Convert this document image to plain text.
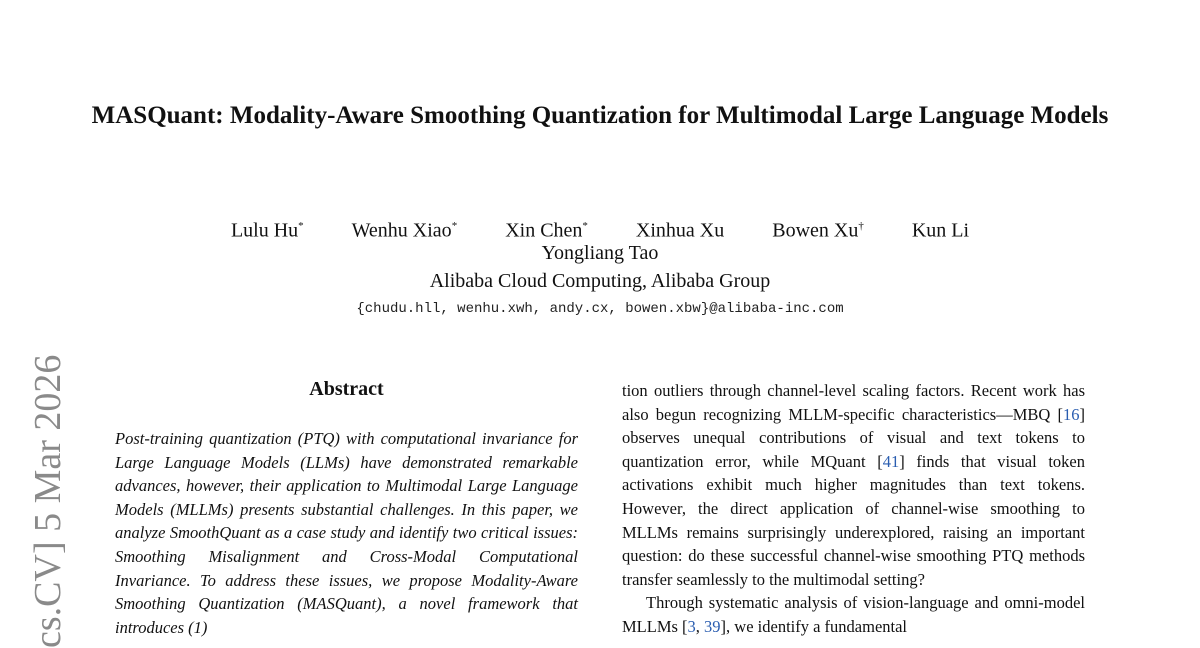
cs.CV] 5 Mar 2026
MASQuant: Modality-Aware Smoothing Quantization for Multimodal Large Language Models
Lulu Hu* Wenhu Xiao* Xin Chen* Xinhua Xu Bowen Xu† Kun Li
Yongliang Tao
Alibaba Cloud Computing, Alibaba Group
{chudu.hll, wenhu.xwh, andy.cx, bowen.xbw}@alibaba-inc.com
Abstract
Post-training quantization (PTQ) with computational invariance for Large Language Models (LLMs) have demonstrated remarkable advances, however, their application to Multimodal Large Language Models (MLLMs) presents substantial challenges. In this paper, we analyze SmoothQuant as a case study and identify two critical issues: Smoothing Misalignment and Cross-Modal Computational Invariance. To address these issues, we propose Modality-Aware Smoothing Quantization (MASQuant), a novel framework that introduces (1)

tion outliers through channel-level scaling factors. Recent work has also begun recognizing MLLM-specific characteristics—MBQ [16] observes unequal contributions of visual and text tokens to quantization error, while MQuant [41] finds that visual token activations exhibit much higher magnitudes than text tokens. However, the direct application of channel-wise smoothing to MLLMs remains surprisingly underexplored, raising an important question: do these successful channel-wise smoothing PTQ methods transfer seamlessly to the multimodal setting?

Through systematic analysis of vision-language and omni-model MLLMs [3, 39], we identify a fundamental
